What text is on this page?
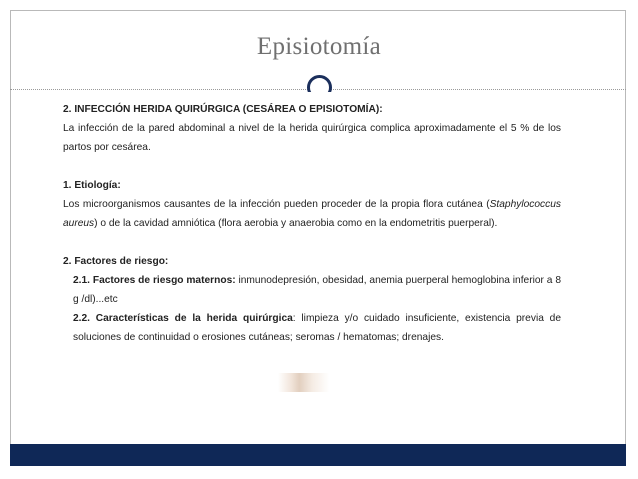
Episiotomía

2. INFECCIÓN HERIDA QUIRÚRGICA (CESÁREA O EPISIOTOMÍA):

La infección de la pared abdominal a nivel de la herida quirúrgica complica aproximadamente el 5 % de los partos por cesárea.

1. Etiología:

Los microorganismos causantes de la infección pueden proceder de la propia flora cutánea (Staphylococcus aureus) o de la cavidad amniótica (flora aerobia y anaerobia como en la endometritis puerperal).

2. Factores de riesgo:

2.1. Factores de riesgo maternos: inmunodepresión, obesidad, anemia puerperal hemoglobina inferior a 8 g /dl)...etc

2.2. Características de la herida quirúrgica: limpieza y/o cuidado insuficiente, existencia previa de soluciones de continuidad o erosiones cutáneas; seromas / hematomas; drenajes.
